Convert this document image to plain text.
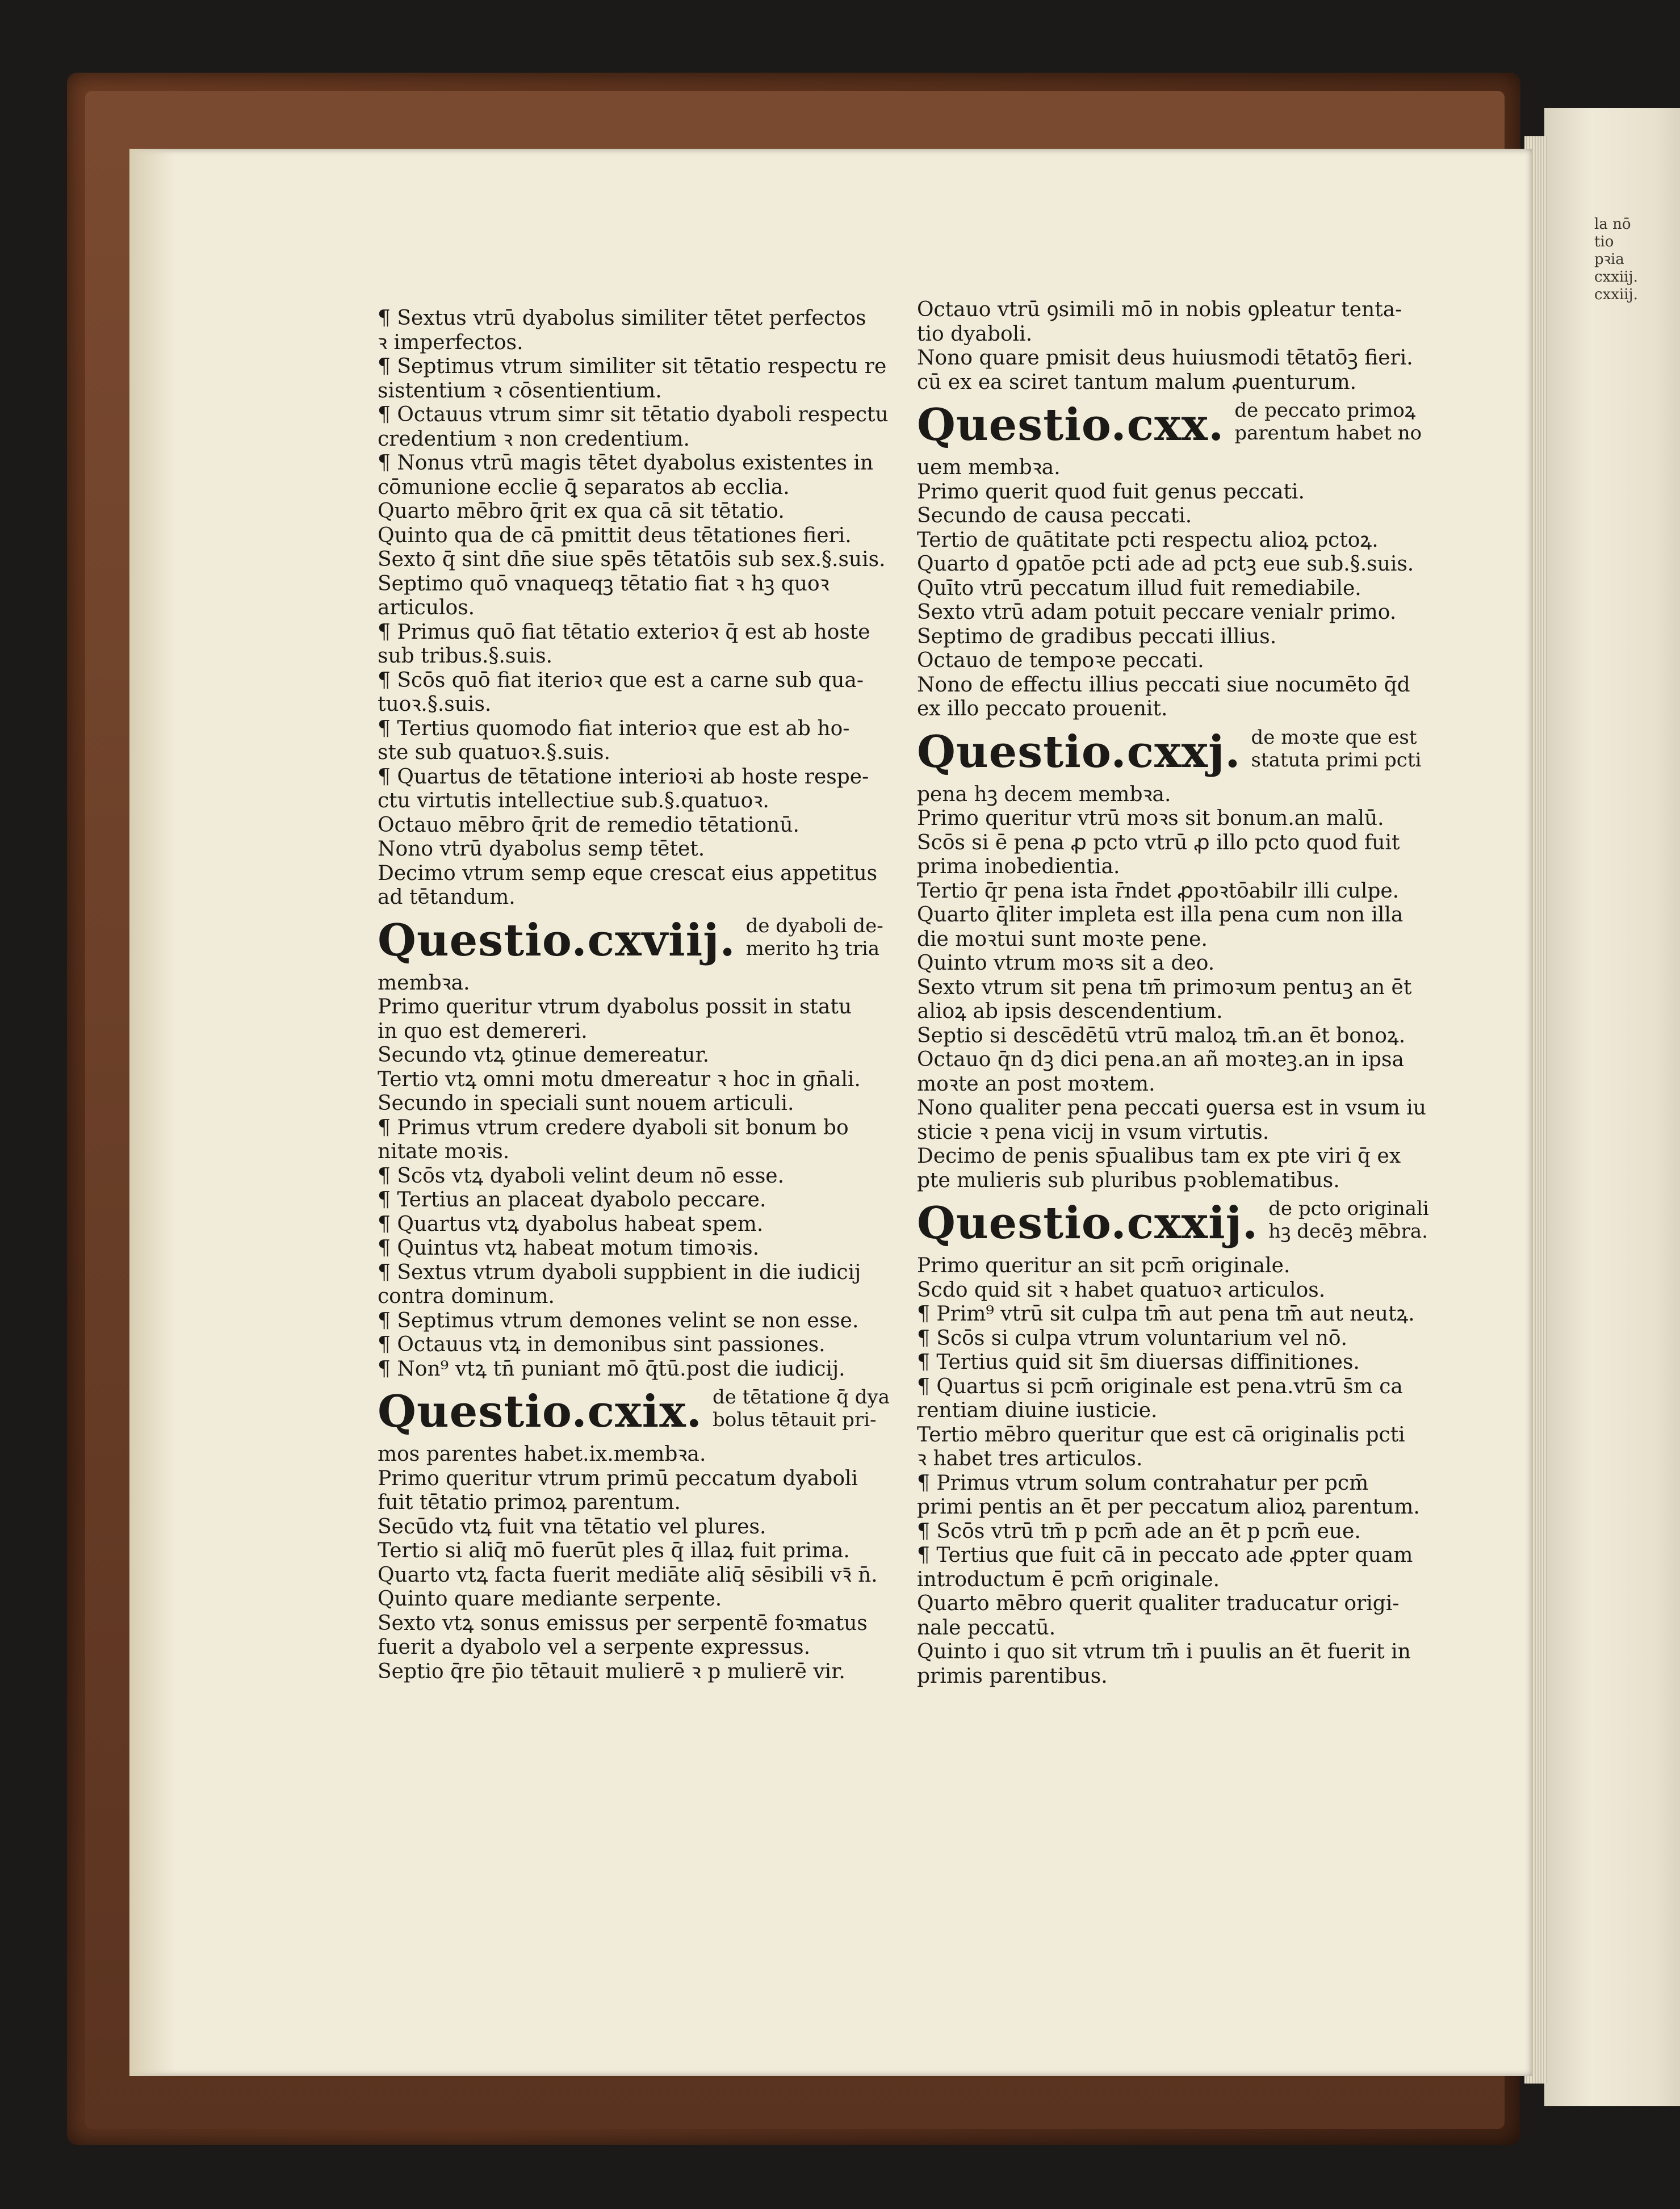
¶ Sextus vtrū dyabolus similiter tētet perfectos
ꝛ imperfectos.
¶ Septimus vtrum similiter sit tētatio respectu re
sistentium ꝛ cōsentientium.
¶ Octauus vtrum simr sit tētatio dyaboli respectu
credentium ꝛ non credentium.
¶ Nonus vtrū magis tētet dyabolus existentes in
cōmunione ecclie ꝗ̄ separatos ab ecclia.
Quarto mēbro q̄rit ex qua cā sit tētatio.
Quinto qua de cā pmittit deus tētationes fieri.
Sexto q̄ sint dn̄e siue spēs tētatōis sub sex.§.suis.
Septimo quō vnaqueqꝫ tētatio fiat ꝛ hꝫ quoꝛ
articulos.
¶ Primus quō fiat tētatio exterioꝛ q̄ est ab hoste
sub tribus.§.suis.
¶ Scōs quō fiat iterioꝛ que est a carne sub qua-
tuoꝛ.§.suis.
¶ Tertius quomodo fiat interioꝛ que est ab ho-
ste sub quatuoꝛ.§.suis.
¶ Quartus de tētatione interioꝛi ab hoste respe-
ctu virtutis intellectiue sub.§.quatuoꝛ.
Octauo mēbro q̄rit de remedio tētationū.
Nono vtrū dyabolus semp tētet.
Decimo vtrum semp eque crescat eius appetitus
ad tētandum.
Questio.cxviij. de dyaboli de-
merito hꝫ tria
membꝛa.
Primo queritur vtrum dyabolus possit in statu
in quo est demereri.
Secundo vtꝝ ꝯtinue demereatur.
Tertio vtꝝ omni motu d̄mereatur ꝛ hoc in gn̄ali.
Secundo in speciali sunt nouem articuli.
¶ Primus vtrum credere dyaboli sit bonum bo
nitate moꝛis.
¶ Scōs vtꝝ dyaboli velint deum nō esse.
¶ Tertius an placeat dyabolo peccare.
¶ Quartus vtꝝ dyabolus habeat spem.
¶ Quintus vtꝝ habeat motum timoꝛis.
¶ Sextus vtrum dyaboli suppbient in die iudicij
contra dominum.
¶ Septimus vtrum demones velint se non esse.
¶ Octauus vtꝝ in demonibus sint passiones.
¶ Non⁹ vtꝝ tn̄ puniant mō q̄tū.post die iudicij.
Questio.cxix. de tētatione q̄ dya
bolus tētauit pri-
mos parentes habet.ix.membꝛa.
Primo queritur vtrum primū peccatum dyaboli
fuit tētatio primoꝝ parentum.
Secūdo vtꝝ fuit vna tētatio vel plures.
Tertio si aliq̄ mō fuerūt ples q̄ illaꝝ fuit prima.
Quarto vtꝝ facta fuerit mediāte aliq̄ sēsibili vꝛ̄ n̄.
Quinto quare mediante serpente.
Sexto vtꝝ sonus emissus per serpentē foꝛmatus
fuerit a dyabolo vel a serpente expressus.
Septio q̄re p̄io tētauit mulierē ꝛ p mulierē vir.
Octauo vtrū ꝯsimili mō in nobis ꝯpleatur tenta-
tio dyaboli.
Nono quare pmisit deus huiusmodi tētatōꝫ fieri.
cū ex ea sciret tantum malum ꝓuenturum.
Questio.cxx. de peccato primoꝝ
parentum habet no
uem membꝛa.
Primo querit quod fuit genus peccati.
Secundo de causa peccati.
Tertio de quātitate pcti respectu alioꝝ pctoꝝ.
Quarto d̄ ꝯpatōe pcti ade ad pctꝫ eue sub.§.suis.
Quīto vtrū peccatum illud fuit remediabile.
Sexto vtrū adam potuit peccare venialr primo.
Septimo de gradibus peccati illius.
Octauo de tempoꝛe peccati.
Nono de effectu illius peccati siue nocumēto q̄d
ex illo peccato prouenit.
Questio.cxxj. de moꝛte que est
statuta primi pcti
pena hꝫ decem membꝛa.
Primo queritur vtrū moꝛs sit bonum.an malū.
Scōs si ē pena ꝓ pcto vtrū ꝓ illo pcto quod fuit
prima inobedientia.
Tertio q̄r pena ista r̄ndet ꝓpoꝛtōabilr illi culpe.
Quarto q̄liter impleta est illa pena cum non illa
die moꝛtui sunt moꝛte pene.
Quinto vtrum moꝛs sit a deo.
Sexto vtrum sit pena tm̄ primoꝛum pentuꝫ an ēt
alioꝝ ab ipsis descendentium.
Septio si descēdētū vtrū maloꝝ tm̄.an ēt bonoꝝ.
Octauo q̄n dꝫ dici pena.an añ moꝛteꝫ.an in ipsa
moꝛte an post moꝛtem.
Nono qualiter pena peccati ꝯuersa est in vsum iu
sticie ꝛ pena vicij in vsum virtutis.
Decimo de penis sp̄ualibus tam ex pte viri q̄ ex
pte mulieris sub pluribus pꝛoblematibus.
Questio.cxxij. de pcto originali
hꝫ decēꝫ mēbra.
Primo queritur an sit pcm̄ originale.
Scdo quid sit ꝛ habet quatuoꝛ articulos.
¶ Prim⁹ vtrū sit culpa tm̄ aut pena tm̄ aut neutꝝ.
¶ Scōs si culpa vtrum voluntarium vel nō.
¶ Tertius quid sit s̄m diuersas diffinitiones.
¶ Quartus si pcm̄ originale est pena.vtrū s̄m ca
rentiam diuine iusticie.
Tertio mēbro queritur que est cā originalis pcti
ꝛ habet tres articulos.
¶ Primus vtrum solum contrahatur per pcm̄
primi pentis an ēt per peccatum alioꝝ parentum.
¶ Scōs vtrū tm̄ p pcm̄ ade an ēt p pcm̄ eue.
¶ Tertius que fuit cā in peccato ade ꝓpter quam
introductum ē pcm̄ originale.
Quarto mēbro querit qualiter traducatur origi-
nale peccatū.
Quinto i quo sit vtrum tm̄ i puulis an ēt fuerit in
primis parentibus.
la nō
tio
pꝛia
cxxiij.
cxxiij.
